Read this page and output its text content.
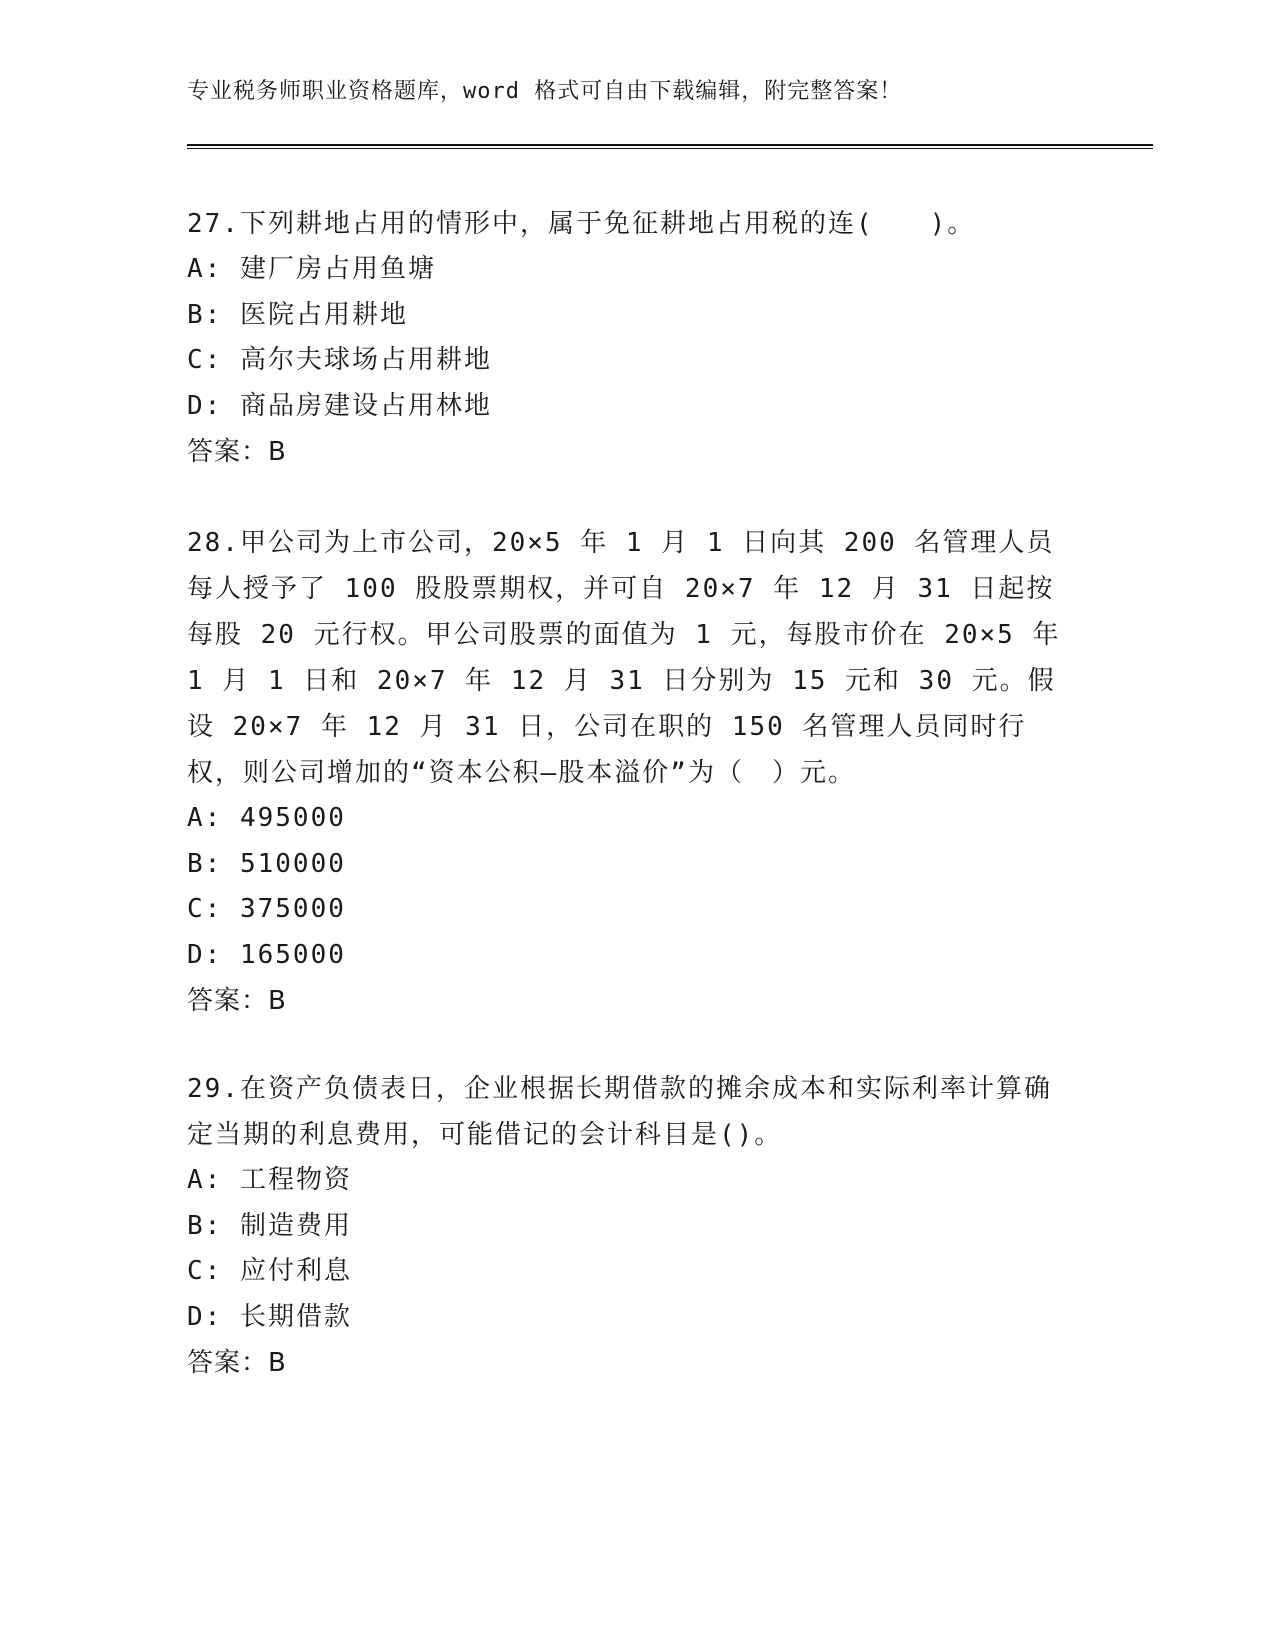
专业税务师职业资格题库，word 格式可自由下载编辑，附完整答案！

27.下列耕地占用的情形中，属于免征耕地占用税的连(　　)。

A: 建厂房占用鱼塘

B: 医院占用耕地

C: 高尔夫球场占用耕地

D: 商品房建设占用林地

答案：B

28.甲公司为上市公司，20×5 年 1 月 1 日向其 200 名管理人员每人授予了 100 股股票期权，并可自 20×7 年 12 月 31 日起按每股 20 元行权。甲公司股票的面值为 1 元，每股市价在 20×5 年 1 月 1 日和 20×7 年 12 月 31 日分别为 15 元和 30 元。假设 20×7 年 12 月 31 日，公司在职的 150 名管理人员同时行权，则公司增加的“资本公积—股本溢价”为（　）元。

A: 495000

B: 510000

C: 375000

D: 165000

答案：B

29.在资产负债表日，企业根据长期借款的摊余成本和实际利率计算确定当期的利息费用，可能借记的会计科目是()。

A: 工程物资

B: 制造费用

C: 应付利息

D: 长期借款

答案：B
